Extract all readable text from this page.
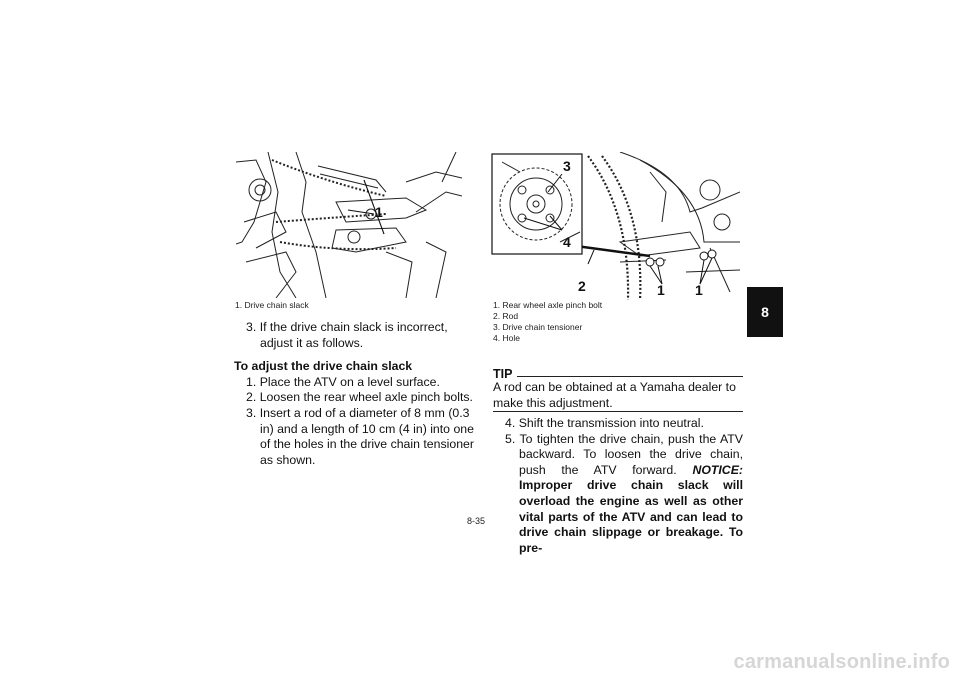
1
1. Drive chain slack
3. If the drive chain slack is incorrect, adjust it as follows.
To adjust the drive chain slack
1. Place the ATV on a level surface.
2. Loosen the rear wheel axle pinch bolts.
3. Insert a rod of a diameter of 8 mm (0.3 in) and a length of 10 cm (4 in) into one of the holes in the drive chain tensioner as shown.
3
4
2	1 1
1. Rear wheel axle pinch bolt
2. Rod
3. Drive chain tensioner
4. Hole
TIP
A rod can be obtained at a Yamaha dealer to make this adjustment.
4. Shift the transmission into neutral.
5. To tighten the drive chain, push the ATV backward. To loosen the drive chain, push the ATV forward. NOTICE: Improper drive chain slack will overload the engine as well as other vital parts of the ATV and can lead to drive chain slippage or breakage. To pre-
8
8-35
carmanualsonline.info
